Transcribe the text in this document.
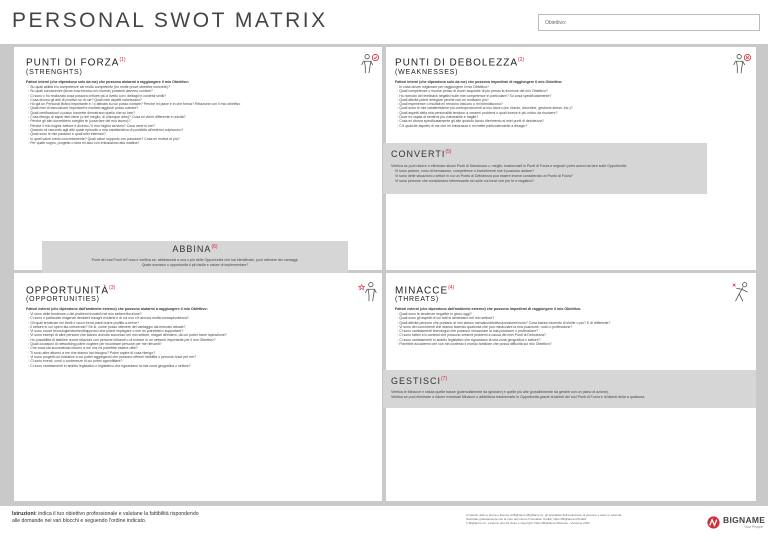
PERSONAL SWOT MATRIX	Obiettivo:
PUNTI DI FORZA$^{(1)}$
(STRENGHTS)
Fattori interni (che dipendono solo da me) che possono aiutarmi a raggiungere il mio Obiettivo:
◦ Su quali abilità e/o competenze sei molto competente (ho molte prove obiettive concrete)?
◦ Su quali conoscenze (know-how tecnico e/o risorse) possiedi davvero contare?
◦ Ci sono o ho realizzato cosa possono influire più a livello con i dettagli in contesti simili?
◦ Cosa dicono gli altri di positivo su di me? Quali miei aspetti valorizzano?
◦ Ho già un Personal Brand importante e / o attivato su cui posso contare? Perché mi piace e in che forma? Relazione con il mio obiettivo
◦ Quali miei di esecuzione importanti e risultati raggiunti posso narrare?
◦ Quali certificazioni o posso concrete dimostrano quello che so fare?
◦ Cosa ritengo di saper fare bene (o dei meglio, di chiunque altro)? Cosa mi viene differente e unicità?
◦ Perché gli altri dovrebbero sceglier te (cosa fare del mio lavoro)?
◦ Perché il mio miglior settore è diverso / il mio miglior servizio? Cosa vede in me?
◦ Quando mi racconto agli altri quale episodio o mia caratteristica di positività all'esterno colpiscono?
◦ Quali sono le mie passioni e quali miei interessi?
◦ In quali valori credo concretamente? Quali valori supporto con passione? Cosa mi motiva di più?
◦ Per quale sogno, progetto o idea mi alzo con entusiasmo alla mattina?
PUNTI DI DEBOLEZZA$^{(2)}$
(WEAKNESSES)
Fattori interni (che dipendono solo da me) che possono impedirmi di raggiungere il mio Obiettivo:
◦ In cosa dovrei migliorare per raggiungere il mio Obiettivo?
◦ Quali competenze o risorse penso di dover acquisire di più presto la funzione del mio Obiettivo?
◦ Ho ricevuto dei feedback negativi sulle mie competenze in particolare? Su cosa specificatamente?
◦ Quali attività potrei delegare perché non mi motivano più?
◦ Quali esperienze o risultati mi rendono insicuro o mi intimidiscono?
◦ Quali sono le mie caratteristiche più controproducenti al mio lavoro (es: ritardo, disordine, gestione stress, etc.)?
◦ Quali aspetti della mia personalità tendono a crearmi problemi o quali invece è più critico da risolvere?
◦ Dove mi capita di sentirmi più vulnerabile e fragile?
◦ Cosa mi ritorna specificatamente gli altri quando faccio riferimento ai miei punti di debolezza?
◦ C'è qualche aspetto di me che mi imbarazza e mi mette particolarmente a disagio?
OPPORTUNITÀ$^{(3)}$
(OPPORTUNITIES)
Fattori esterni (che dipendono dall'ambiente esterno) che possono aiutarmi a raggiungere il mio Obiettivo:
◦ Vi sono delle tendenze o dei problemi trovabili nel mio settore/funzione?
◦ Ci sono o particolari esigenze desiderii bisogni evidenti e di cui non c'è ancora molta consapevolezza?
◦ Gli quali tendenze nei livelli o nuovi trend potrei trarre profitto a breve?
◦ Il settore in cui opero sta crescendo? Se sì, come posso ottenere del vantaggio dal mercato attuale?
◦ Vi sono nuove tecnologie/strumenti/approcci che potrei impiegare o che mi potrebbero supportare?
◦ Vi sono esempi di altre persone che stanno avendo successo nel mio settore, magari all'estero, da cui potrei trarre ispirazione?
◦ Ho possibilità di stabilire nuove relazioni con persone influenti o di entrare in un network importante per il mio Obiettivo?
◦ Quali occasioni di networking potrei cogliere per incontrare persone per me rilevanti?
◦ Che cosa sta succedendo intorno a me che mi potrebbe essere utile?
◦ Ti sono altre attorno a me che stanno hai bisogno? Potrei capire di cosa ritengo?
◦ Vi sono progetti o/o iniziative a cui potrei aggregarmi che possono offrirmi visibilità o persone bravi per me?
◦ Ci sono eventi, corsi o conferenze di cui potrei approfittare?
◦ Ci sono cambiamenti in ambito legislativo o legislativo che riguardano la mia zona geografica o settore?
MINACCE$^{(4)}$
(THREATS)
Fattori esterni (che dipendono dall'ambiente esterno) che possono impedirmi di raggiungere il mio Obiettivo:
◦ Quali sono le tendenze negative in gioco oggi?
◦ Quali sono gli aspetti di cui tutti si lamentano nel mio settore?
◦ Quali attività persone che puntano al mio stesso mercato/obiettivo/posizione/ruolo? Cosa stanno facendo di simile o più? E di differente?
◦ Vi sono dei concorrenti che stanno facendo qualcosa che può minacciare la mia posizione, ruolo o professione?
◦ Ci sono cambiamenti tecnologici che possono minacciare la mia posizione o professione?
◦ Ci sono fattori e/o contesti che possono crearmi problemi a causa dei miei Punti di Debolezza?
◦ Ci sono cambiamenti in ambito legislativo che riguardano la mia zona geografica o settore?
◦ Potrebbe accadermi che con nel contesto il mondo familiare che possa difficoltà sul mio Obiettivo?
CONVERTI$^{(5)}$
Verifica se puoi ridurre o eliminare alcuni Punti di Debolezza o, meglio, trasformarli in Punti di Forza e segnali i primi azioni da fare sulle Opportunità:
Vi sono partner, corsi di formazione, competenze o investimenti che ti possono aiutare?
Vi sono delle situazioni o settori in cui un Punto di Debolezza può essere invece considerato un Punto di Forza?
Vi sono persone che considerano interessante ciò sulle cui forse che per te è negativo?
ABBINA$^{(6)}$
Punti dei tuoi Punti di Forza e verifica se, abbinandoli a una o più delle Opportunità che hai identificato, puoi ottenere dei vantaggi.
Quale scenario o opportunità ti più facile e valore di implementare?
GESTISCI$^{(7)}$
Verifica le Minacce e valuta quelle basse (potenzialmente da ignorare) e quelle più alte (possibilmente da gestire con un piano di azione).
Verifica se puoi eliminare o ridurre eventuali Minacce o addirittura trasformarle in Opportunità grazie ai talenti dei tuoi Punti di Forza e di talenti della a qualcosa.
Istruzioni: indica il tuo obiettivo professionale e valutane la fattibilità rispondendo alle domande nei vari blocchi e seguendo l'ordine indicato.
Il metodo Jobs è forma e licenza di BigName (BigName.it), gli specialisti dell'evoluzione di persone e team in azienda.
Scaricalo gratuitamente con la voto del Centro Innovation Toolkit: https://BigName.it/Toolkit
© BigName srl - Licenza: termini d'uso e copyright: https://BigName.it/license - Versione 2021	BIGNAME
Your People
